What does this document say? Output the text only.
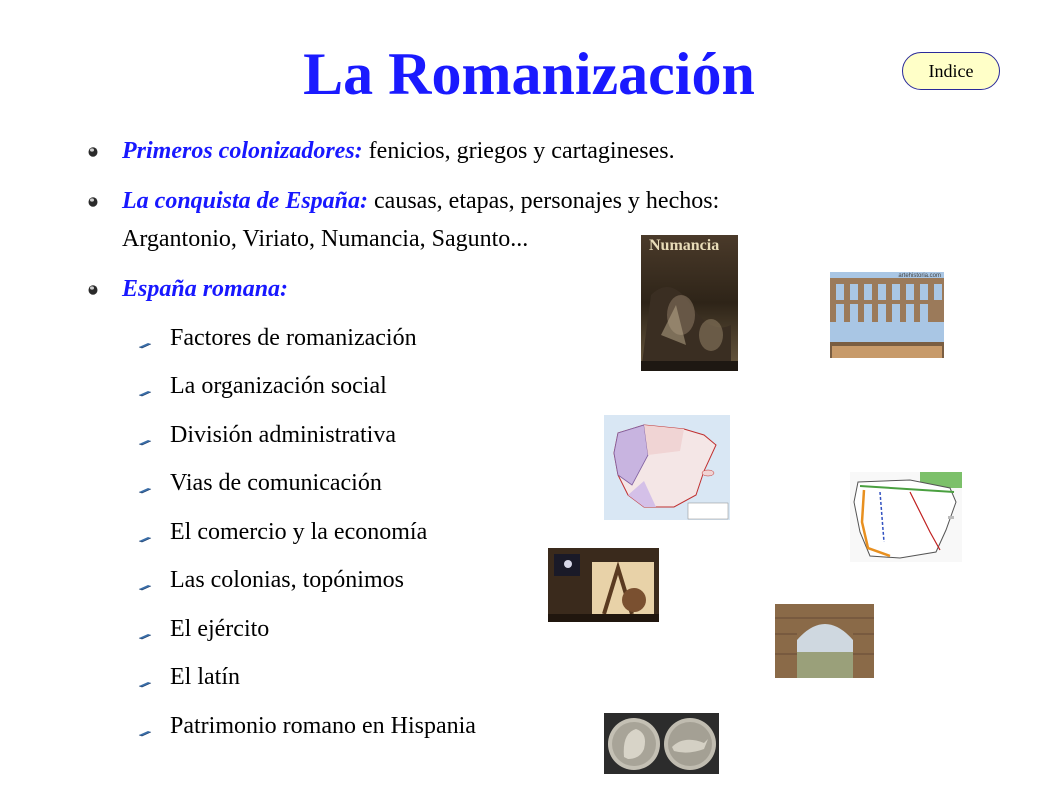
La Romanización	Indice
Primeros colonizadores: fenicios, griegos y cartagineses.
La conquista de España: causas, etapas, personajes y hechos:
Argantonio, Viriato, Numancia, Sagunto...
España romana:
Factores de romanización
La organización social
División administrativa
Vias de comunicación
El comercio y la economía
Las colonias, topónimos
El ejército
El latín
Patrimonio romano en Hispania
Numancia
artehistoria.com
